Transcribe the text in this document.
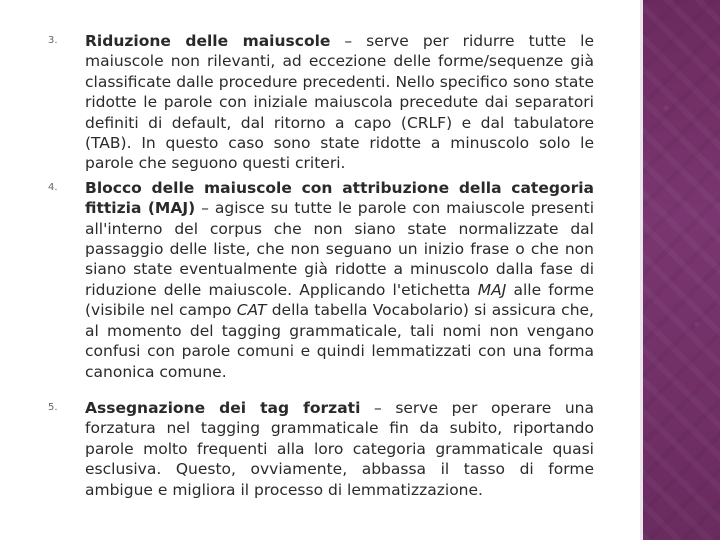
3. Riduzione delle maiuscole – serve per ridurre tutte le maiuscole non rilevanti, ad eccezione delle forme/sequenze già classificate dalle procedure precedenti. Nello specifico sono state ridotte le parole con iniziale maiuscola precedute dai separatori definiti di default, dal ritorno a capo (CRLF) e dal tabulatore (TAB). In questo caso sono state ridotte a minuscolo solo le parole che seguono questi criteri.

4. Blocco delle maiuscole con attribuzione della categoria fittizia (MAJ) – agisce su tutte le parole con maiuscole presenti all'interno del corpus che non siano state normalizzate dal passaggio delle liste, che non seguano un inizio frase o che non siano state eventualmente già ridotte a minuscolo dalla fase di riduzione delle maiuscole. Applicando l'etichetta MAJ alle forme (visibile nel campo CAT della tabella Vocabolario) si assicura che, al momento del tagging grammaticale, tali nomi non vengano confusi con parole comuni e quindi lemmatizzati con una forma canonica comune.

5. Assegnazione dei tag forzati – serve per operare una forzatura nel tagging grammaticale fin da subito, riportando parole molto frequenti alla loro categoria grammaticale quasi esclusiva. Questo, ovviamente, abbassa il tasso di forme ambigue e migliora il processo di lemmatizzazione.
